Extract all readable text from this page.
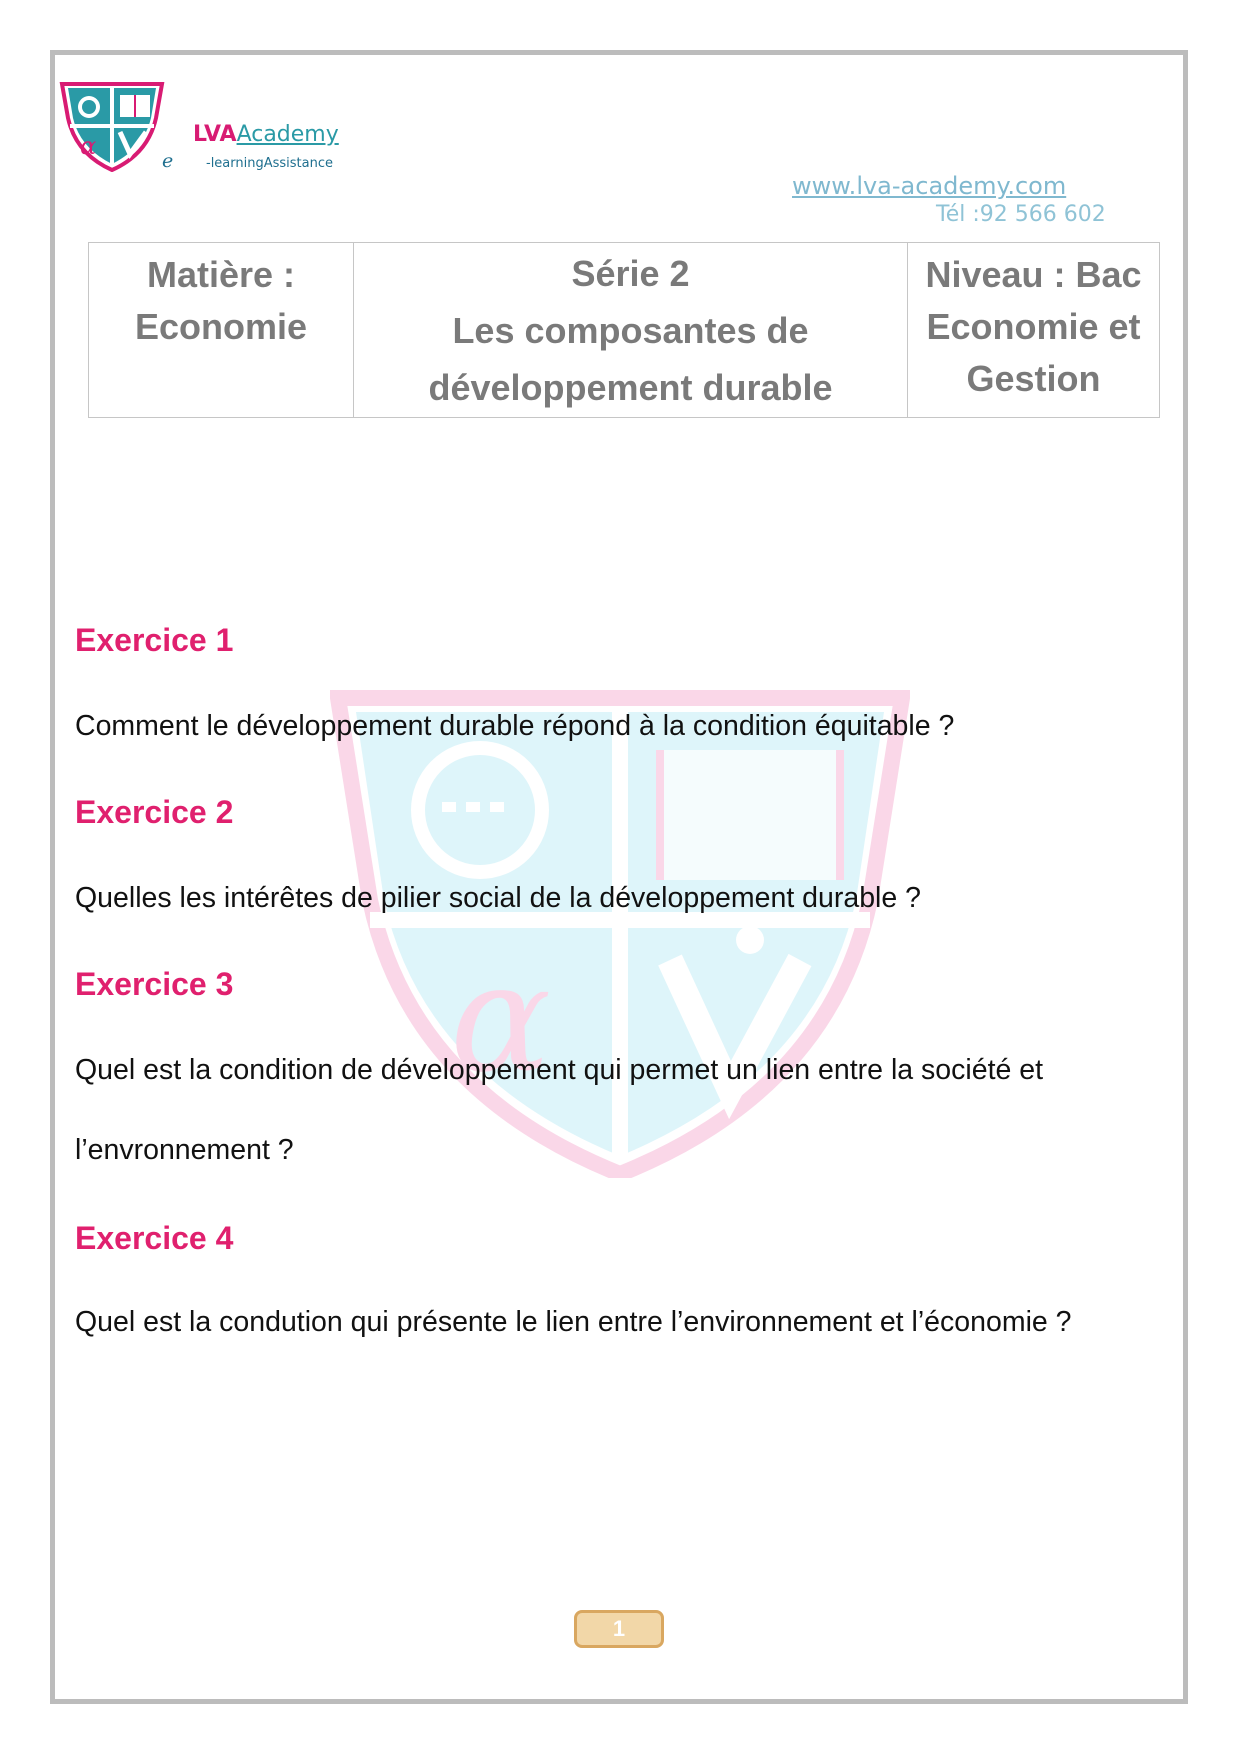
α	LVAAcademy
e	-learningAssistance
www.lva-academy.com
Tél :92 566 602
Matière :
Economie

Série 2
Les composantes de
développement durable

Niveau : Bac
Economie et
Gestion
α
Exercice 1
Comment le développement durable répond à la condition équitable ?
Exercice 2
Quelles les intérêtes de pilier social de la développement durable ?
Exercice 3
Quel est la condition de développement qui permet un lien entre la société et
l’envronnement ?
Exercice 4
Quel est la condution qui présente le lien entre l’environnement et l’économie ?
1
